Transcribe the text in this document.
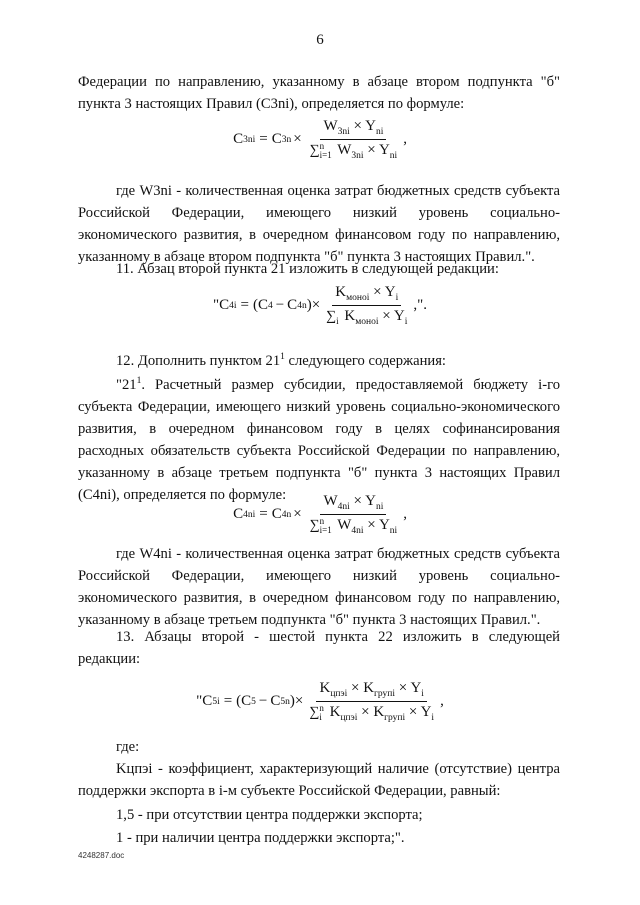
6
Федерации по направлению, указанному в абзаце втором подпункта "б" пункта 3 настоящих Правил (С3ni), определяется по формуле:
C 3ni = C 3n ×
$W_{3ni} \times Y_{ni}$
∑ n
i=1 $W_{3ni} \times Y_{ni}$
,
где W3ni - количественная оценка затрат бюджетных средств субъекта Российской Федерации, имеющего низкий уровень социально-экономического развития, в очередном финансовом году по направлению, указанному в абзаце втором подпункта "б" пункта 3 настоящих Правил.".
11. Абзац второй пункта 21 изложить в следующей редакции:
" C 4i = (C 4 − C 4n ) ×
$K_{моноi} \times Y_i$
∑
i $K_{моноi} \times Y_i$
,".
12. Дополнить пунктом $21^1$ следующего содержания:
"$21^1$. Расчетный размер субсидии, предоставляемой бюджету i-го субъекта Федерации, имеющего низкий уровень социально-экономического развития, в очередном финансовом году в целях софинансирования расходных обязательств субъекта Российской Федерации по направлению, указанному в абзаце третьем подпункта "б" пункта 3 настоящих Правил (С4ni), определяется по формуле:
C 4ni = C 4n ×
$W_{4ni} \times Y_{ni}$
∑ n
i=1 $W_{4ni} \times Y_{ni}$
,
где W4ni - количественная оценка затрат бюджетных средств субъекта Российской Федерации, имеющего низкий уровень социально-экономического развития, в очередном финансовом году по направлению, указанному в абзаце третьем подпункта "б" пункта 3 настоящих Правил.".
13. Абзацы второй - шестой пункта 22 изложить в следующей редакции:
" C 5i = (C 5 − C 5n ) ×
$K_{цпэi} \times K_{групi} \times Y_i$
∑ n
i $K_{цпэi} \times K_{групi} \times Y_i$
,
где:
Kцпэi - коэффициент, характеризующий наличие (отсутствие) центра поддержки экспорта в i-м субъекте Российской Федерации, равный:
1,5 - при отсутствии центра поддержки экспорта;
1 - при наличии центра поддержки экспорта;".
4248287.doc
